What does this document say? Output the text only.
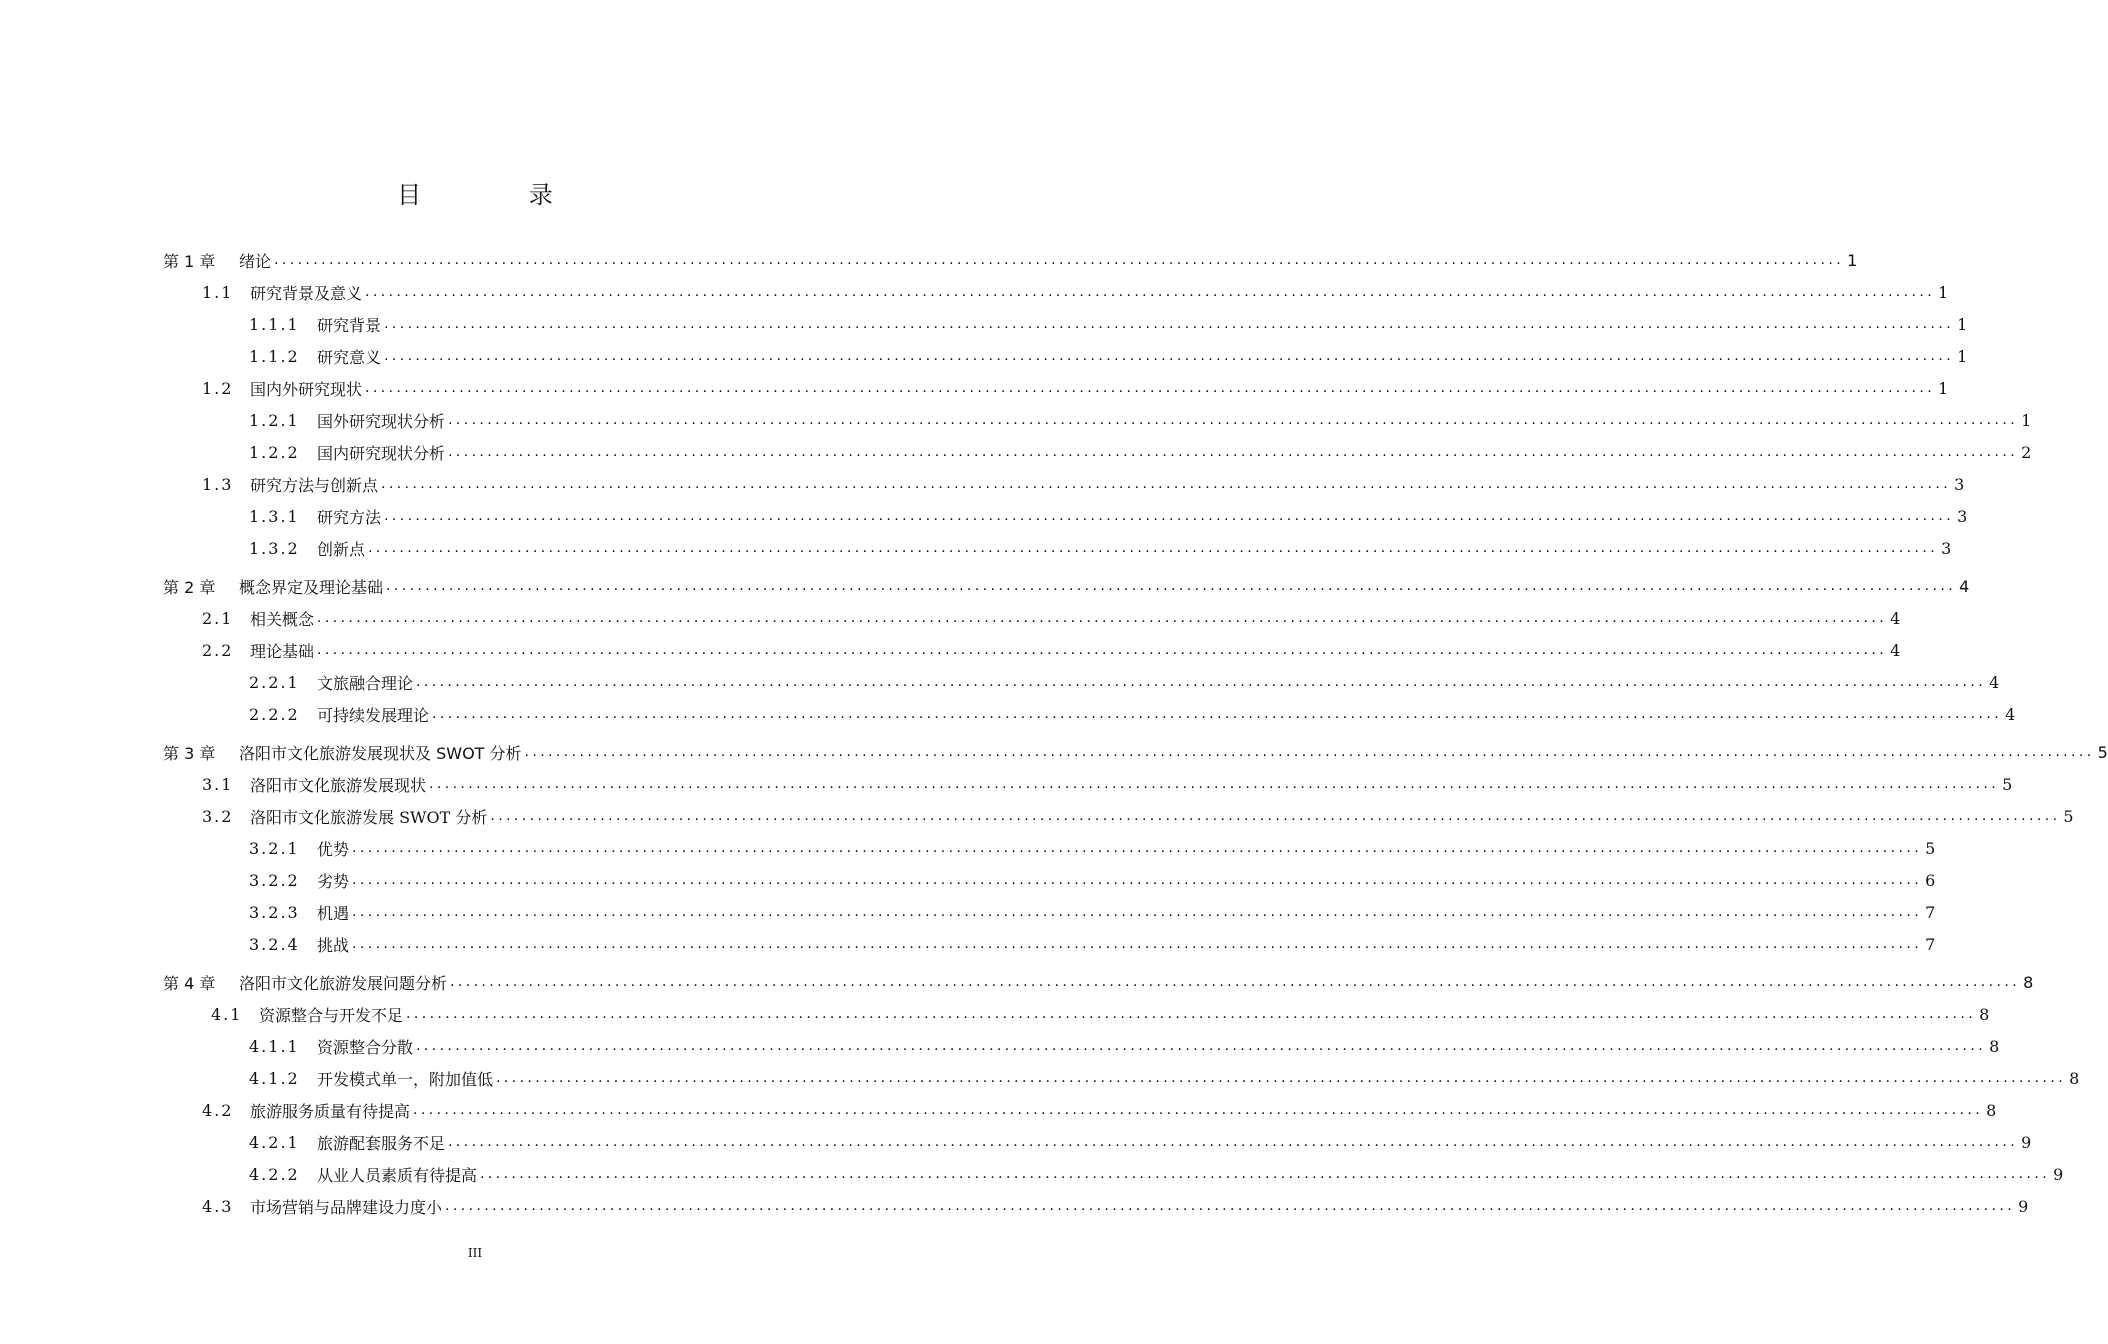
目 录
第 1 章	绪论 ........................................................................................................................................................................................................ 1
1.1	研究背景及意义 ........................................................................................................................................................................................................ 1
1.1.1	研究背景 ........................................................................................................................................................................................................ 1
1.1.2	研究意义 ........................................................................................................................................................................................................ 1
1.2	国内外研究现状 ........................................................................................................................................................................................................ 1
1.2.1	国外研究现状分析 ........................................................................................................................................................................................................ 1
1.2.2	国内研究现状分析 ........................................................................................................................................................................................................ 2
1.3	研究方法与创新点 ........................................................................................................................................................................................................ 3
1.3.1	研究方法 ........................................................................................................................................................................................................ 3
1.3.2	创新点 ........................................................................................................................................................................................................ 3
第 2 章	概念界定及理论基础 ........................................................................................................................................................................................................ 4
2.1	相关概念 ........................................................................................................................................................................................................ 4
2.2	理论基础 ........................................................................................................................................................................................................ 4
2.2.1	文旅融合理论 ........................................................................................................................................................................................................ 4
2.2.2	可持续发展理论 ........................................................................................................................................................................................................ 4
第 3 章	洛阳市文化旅游发展现状及 SWOT 分析 ........................................................................................................................................................................................................ 5
3.1	洛阳市文化旅游发展现状 ........................................................................................................................................................................................................ 5
3.2	洛阳市文化旅游发展 SWOT 分析 ........................................................................................................................................................................................................ 5
3.2.1	优势 ........................................................................................................................................................................................................ 5
3.2.2	劣势 ........................................................................................................................................................................................................ 6
3.2.3	机遇 ........................................................................................................................................................................................................ 7
3.2.4	挑战 ........................................................................................................................................................................................................ 7
第 4 章	洛阳市文化旅游发展问题分析 ........................................................................................................................................................................................................ 8
4.1	资源整合与开发不足 ........................................................................................................................................................................................................ 8
4.1.1	资源整合分散 ........................................................................................................................................................................................................ 8
4.1.2	开发模式单一，附加值低 ........................................................................................................................................................................................................ 8
4.2	旅游服务质量有待提高 ........................................................................................................................................................................................................ 8
4.2.1	旅游配套服务不足 ........................................................................................................................................................................................................ 9
4.2.2	从业人员素质有待提高 ........................................................................................................................................................................................................ 9
4.3	市场营销与品牌建设力度小 ........................................................................................................................................................................................................ 9
III
